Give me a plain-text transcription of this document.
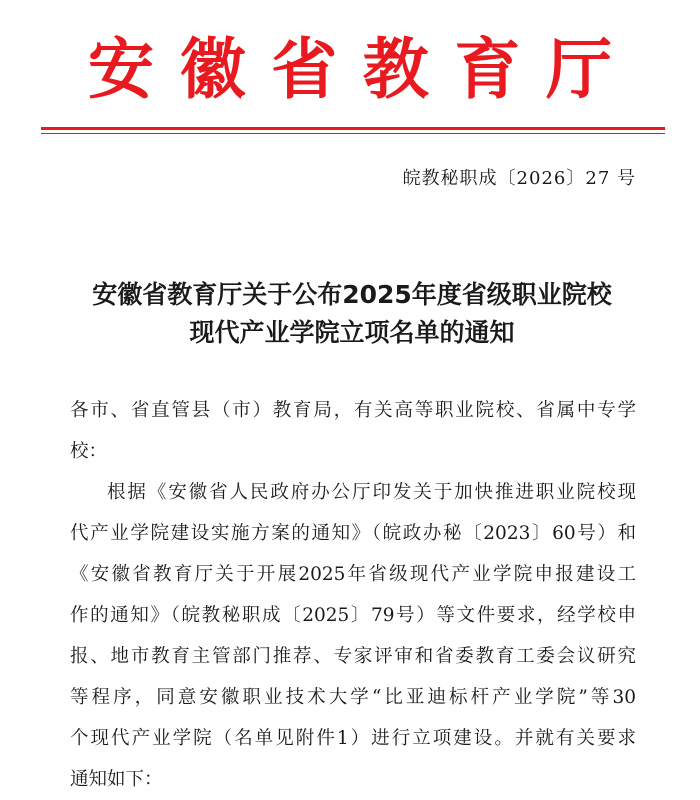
安 徽 省 教 育 厅
皖教秘职成〔2026〕27 号
安徽省教育厅关于公布2025年度省级职业院校
现代产业学院立项名单的通知
各市、省直管县（市）教育局，有关高等职业院校、省属中专学
校：
根据《安徽省人民政府办公厅印发关于加快推进职业院校现
代产业学院建设实施方案的通知》（皖政办秘〔2023〕60号）和
《安徽省教育厅关于开展2025年省级现代产业学院申报建设工
作的通知》（皖教秘职成〔2025〕79号）等文件要求，经学校申
报、地市教育主管部门推荐、专家评审和省委教育工委会议研究
等程序，同意安徽职业技术大学“比亚迪标杆产业学院”等30
个现代产业学院（名单见附件1）进行立项建设。并就有关要求
通知如下：
